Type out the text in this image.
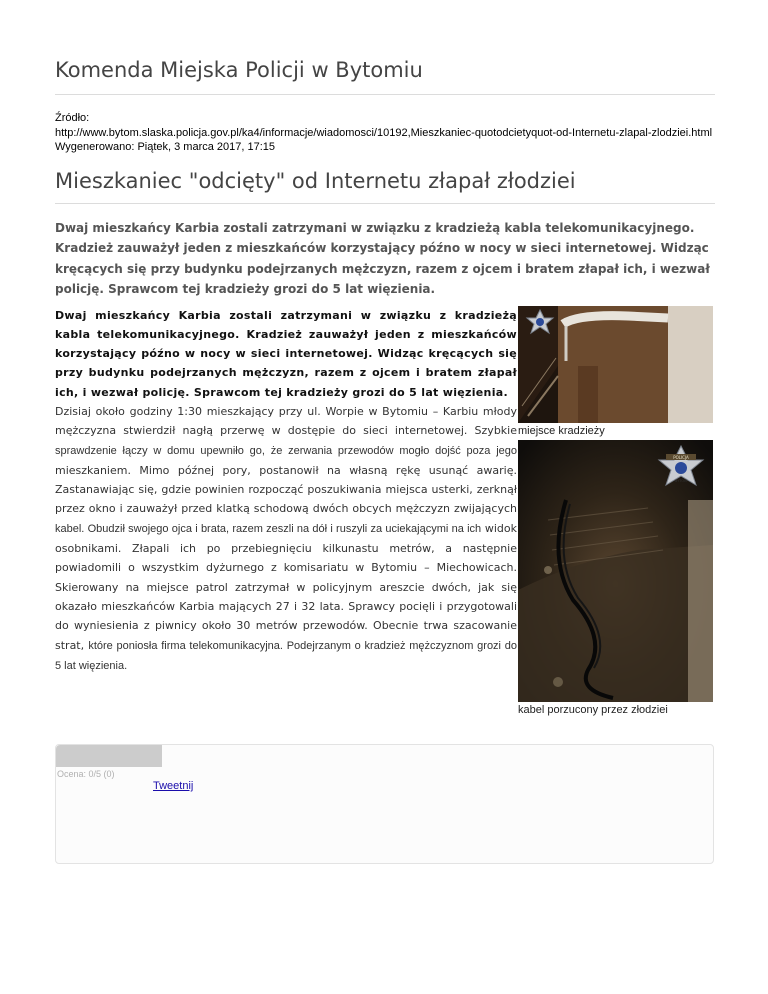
Komenda Miejska Policji w Bytomiu
Źródło:
http://www.bytom.slaska.policja.gov.pl/ka4/informacje/wiadomosci/10192,Mieszkaniec-quotodcietyquot-od-Internetu-zlapal-zlodziei.html
Wygenerowano: Piątek, 3 marca 2017, 17:15
Mieszkaniec "odcięty" od Internetu złapał złodziei
Dwaj mieszkańcy Karbia zostali zatrzymani w związku z kradzieżą kabla telekomunikacyjnego. Kradzież zauważył jeden z mieszkańców korzystający późno w nocy w sieci internetowej. Widząc kręcących się przy budynku podejrzanych mężczyzn, razem z ojcem i bratem złapał ich, i wezwał policję. Sprawcom tej kradzieży grozi do 5 lat więzienia.
Dwaj mieszkańcy Karbia zostali zatrzymani w związku z kradzieżą kabla telekomunikacyjnego. Kradzież zauważył jeden z mieszkańców korzystający późno w nocy w sieci internetowej. Widząc kręcących się przy budynku podejrzanych mężczyzn, razem z ojcem i bratem złapał ich, i wezwał policję. Sprawcom tej kradzieży grozi do 5 lat więzienia.
Dzisiaj około godziny 1:30 mieszkający przy ul. Worpie w Bytomiu – Karbiu młody mężczyzna stwierdził nagłą przerwę w dostępie do sieci internetowej. Szybkie sprawdzenie łączy w domu upewniło go, że zerwania przewodów mogło dojść poza jego mieszkaniem. Mimo późnej pory, postanowił na własną rękę usunąć awarię. Zastanawiając się, gdzie powinien rozpocząć poszukiwania miejsca usterki, zerknął przez okno i zauważył przed klatką schodową dwóch obcych mężczyzn zwijających kabel. Obudził swojego ojca i brata, razem zeszli na dół i ruszyli za uciekającymi na ich widok osobnikami. Złapali ich po przebiegnięciu kilkunastu metrów, a następnie powiadomili o wszystkim dyżurnego z komisariatu w Bytomiu – Miechowicach. Skierowany na miejsce patrol zatrzymał w policyjnym areszcie dwóch, jak się okazało mieszkańców Karbia mających 27 i 32 lata. Sprawcy pocięli i przygotowali do wyniesienia z piwnicy około 30 metrów przewodów. Obecnie trwa szacowanie strat, które poniosła firma telekomunikacyjna. Podejrzanym o kradzież mężczyznom grozi do 5 lat więzienia.
miejsce kradzieży
POLICJA
BYTOM
kabel porzucony przez złodziei
Ocena: 0/5 (0)
Tweetnij
